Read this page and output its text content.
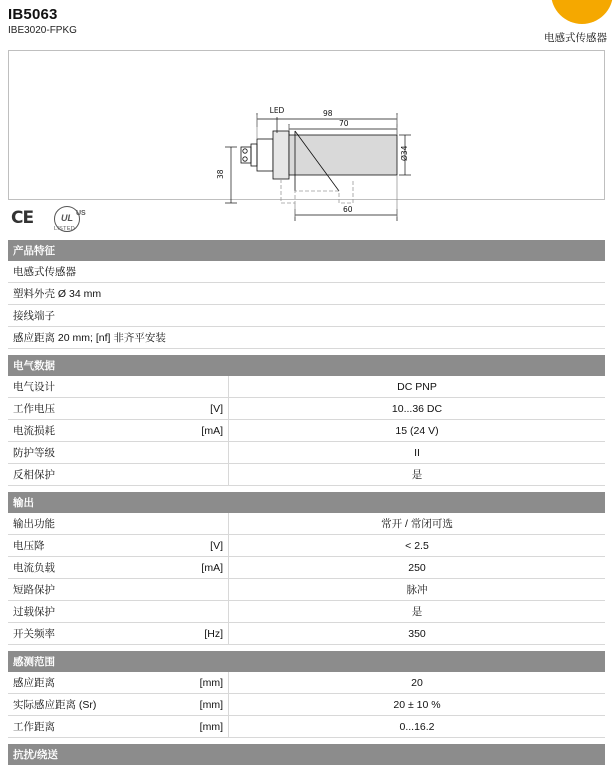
IB5063
IBE3020-FPKG
电感式传感器
98
70
Ø34
38
60
LED
CE	UL US
LISTED
产品特征
电感式传感器
塑料外壳 Ø 34 mm
接线端子
感应距离 20 mm; [nf] 非齐平安装
电气数据
电气设计		DC PNP
工作电压	[V]	10...36 DC
电流损耗	[mA]	15 (24 V)
防护等级		II
反相保护		是
输出
输出功能		常开 / 常闭可选
电压降	[V]	< 2.5
电流负载	[mA]	250
短路保护		脉冲
过载保护		是
开关频率	[Hz]	350
感测范围
感应距离	[mm]	20
实际感应距离 (Sr)	[mm]	20 ± 10 %
工作距离	[mm]	0...16.2
抗扰/绕送
